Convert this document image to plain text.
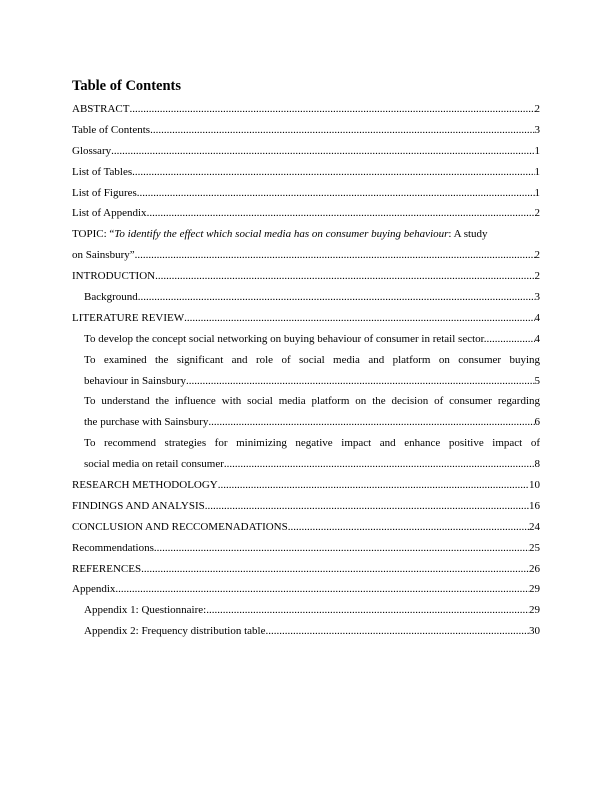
Table of Contents
ABSTRACT .....	2
Table of Contents .....	3
Glossary .....	1
List of Tables .....	1
List of Figures .....	1
List of Appendix .....	2
TOPIC: “To identify the effect which social media has on consumer buying behaviour: A study
on Sainsbury” .....	2
INTRODUCTION .....	2
Background .....	3
LITERATURE REVIEW .....	4
To develop the concept social networking on buying behaviour of consumer in retail sector.. .....	4
To examined the significant and role of social media and platform on consumer buying
behaviour in Sainsbury .....	5
To understand the influence with social media platform on the decision of consumer regarding
the purchase with Sainsbury .....	6
To recommend strategies for minimizing negative impact and enhance positive impact of
social media on retail consumer .....	8
RESEARCH METHODOLOGY .....	10
FINDINGS AND ANALYSIS .....	16
CONCLUSION AND RECCOMENADATIONS .....	24
Recommendations .....	25
REFERENCES .....	26
Appendix .....	29
Appendix 1: Questionnaire: .....	29
Appendix 2: Frequency distribution table .....	30
